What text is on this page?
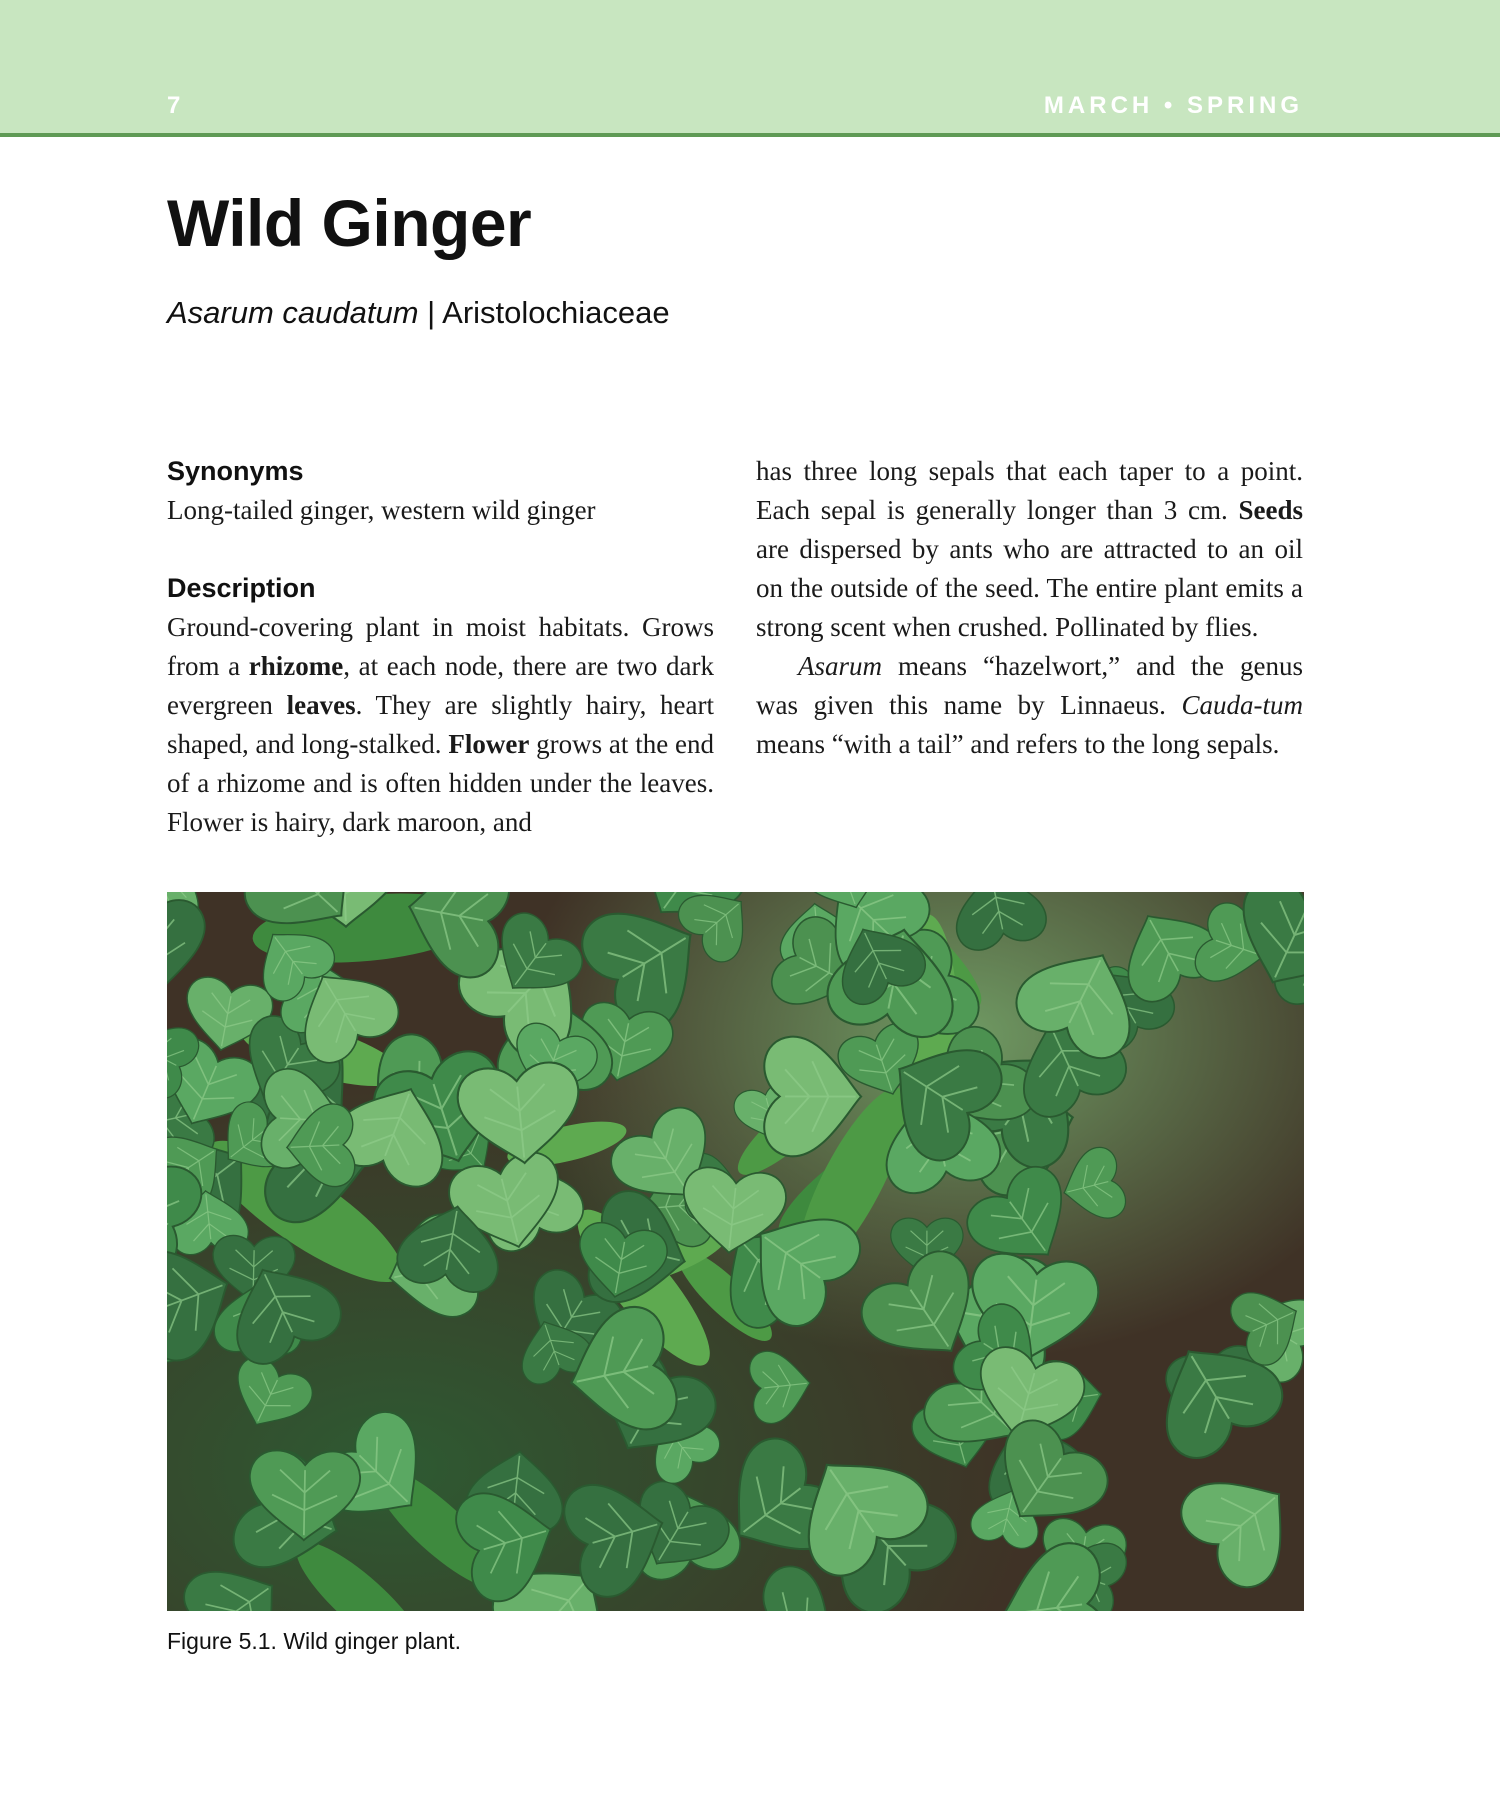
7	MARCH • SPRING
Wild Ginger
Asarum caudatum | Aristolochiaceae
Synonyms
Long-tailed ginger, western wild ginger
Description
Ground-covering plant in moist habitats. Grows from a rhizome, at each node, there are two dark evergreen leaves. They are slightly hairy, heart shaped, and long-stalked. Flower grows at the end of a rhizome and is often hidden under the leaves. Flower is hairy, dark maroon, and
has three long sepals that each taper to a point. Each sepal is generally longer than 3 cm. Seeds are dispersed by ants who are attracted to an oil on the outside of the seed. The entire plant emits a strong scent when crushed. Pollinated by flies.
Asarum means “hazelwort,” and the genus was given this name by Linnaeus. Cauda-tum means “with a tail” and refers to the long sepals.
Figure 5.1. Wild ginger plant.
